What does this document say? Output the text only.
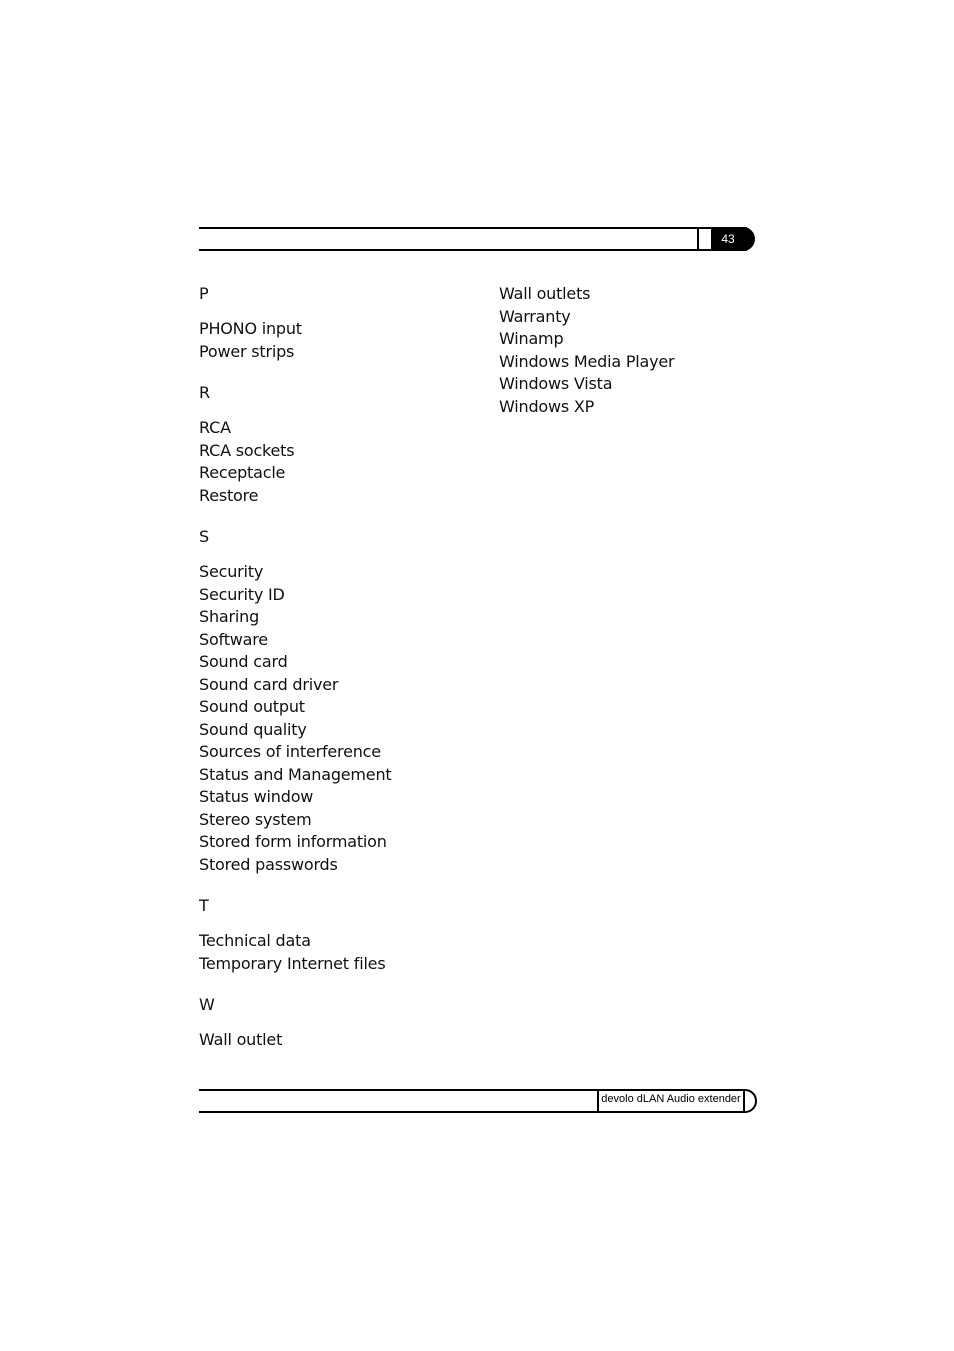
43
P
PHONO input
Power strips
R
RCA
RCA sockets
Receptacle
Restore
S
Security
Security ID
Sharing
Software
Sound card
Sound card driver
Sound output
Sound quality
Sources of interference
Status and Management
Status window
Stereo system
Stored form information
Stored passwords
T
Technical data
Temporary Internet files
W
Wall outlet
Wall outlets
Warranty
Winamp
Windows Media Player
Windows Vista
Windows XP
devolo dLAN Audio extender
